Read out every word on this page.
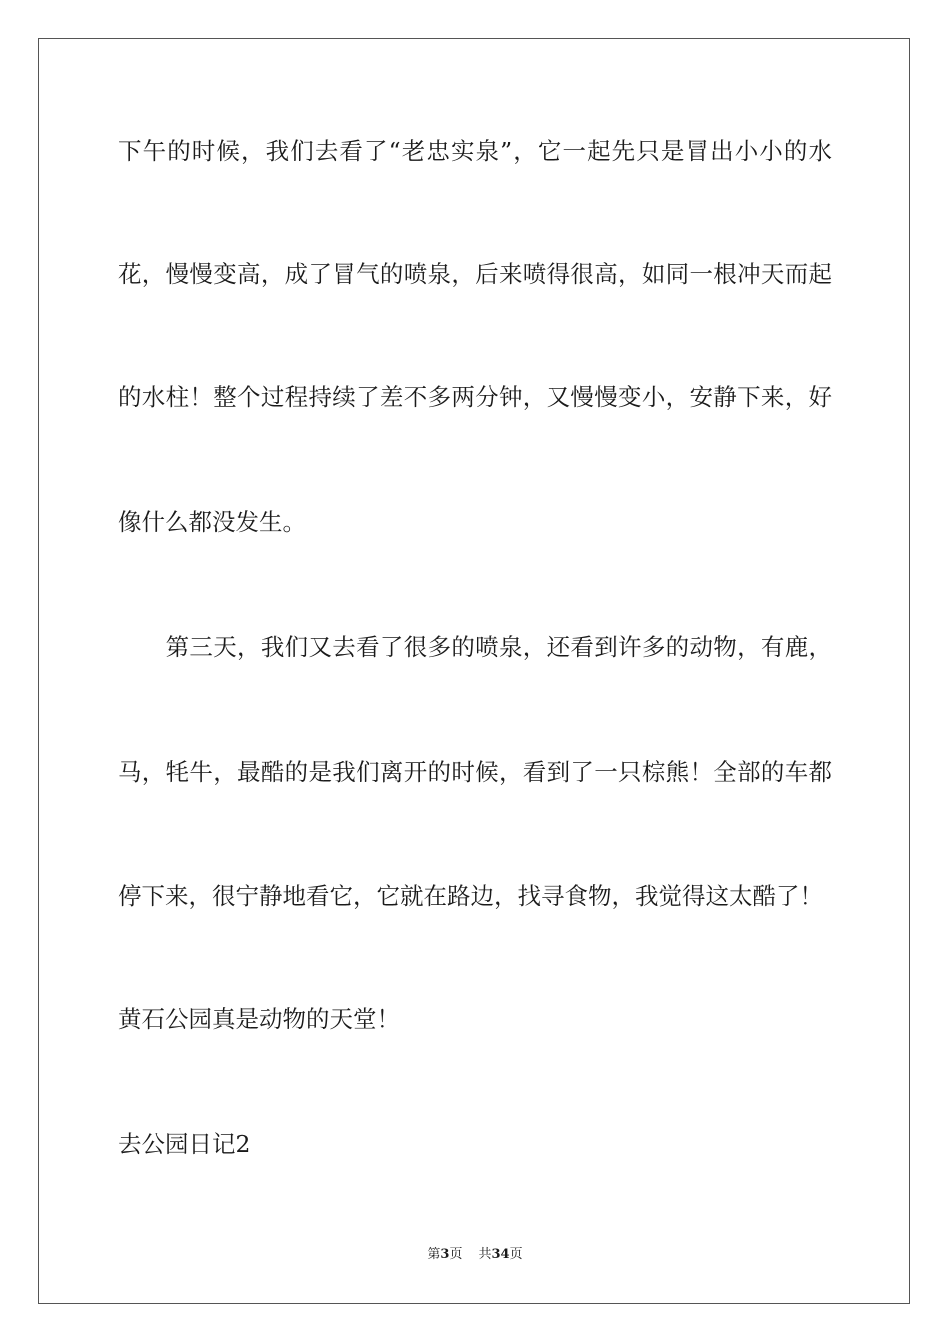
下午的时候，我们去看了“老忠实泉”，它一起先只是冒出小小的水
花，慢慢变高，成了冒气的喷泉，后来喷得很高，如同一根冲天而起
的水柱！整个过程持续了差不多两分钟，又慢慢变小，安静下来，好
像什么都没发生。
　　第三天，我们又去看了很多的喷泉，还看到许多的动物，有鹿，
马，牦牛，最酷的是我们离开的时候，看到了一只棕熊！全部的车都
停下来，很宁静地看它，它就在路边，找寻食物，我觉得这太酷了！
黄石公园真是动物的天堂！
去公园日记2
第3页 共34页
